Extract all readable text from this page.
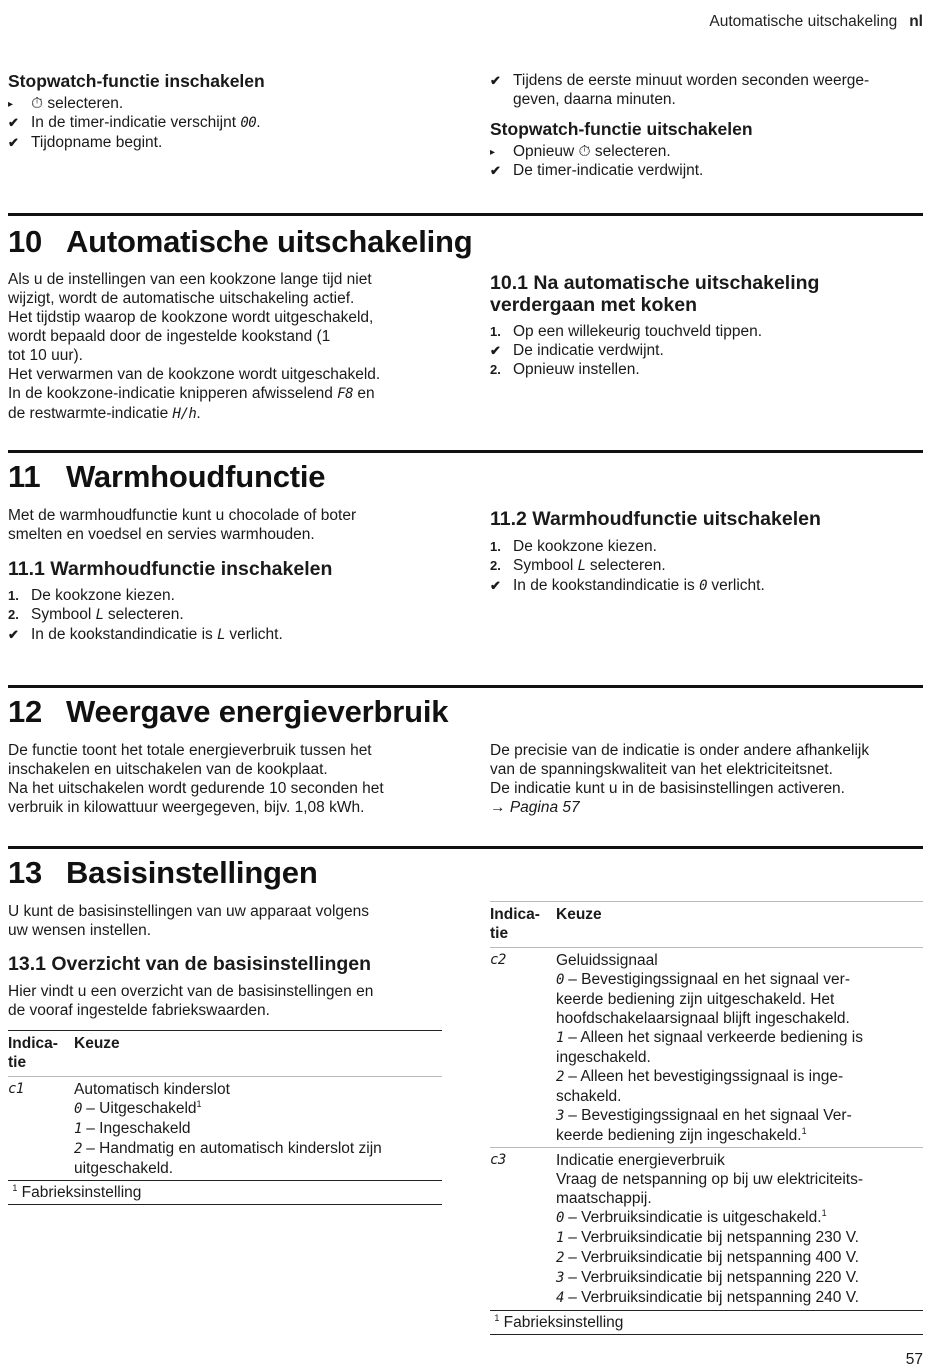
Automatische uitschakeling nl
Stopwatch-functie inschakelen
▸	⏱ selecteren.
✔ In de timer-indicatie verschijnt 00.
✔ Tijdopname begint.
✔ Tijdens de eerste minuut worden seconden weerge-
geven, daarna minuten.
Stopwatch-functie uitschakelen
▸	Opnieuw ⏱ selecteren.
✔ De timer-indicatie verdwijnt.
10 Automatische uitschakeling
Als u de instellingen van een kookzone lange tijd niet
wijzigt, wordt de automatische uitschakeling actief.
Het tijdstip waarop de kookzone wordt uitgeschakeld,
wordt bepaald door de ingestelde kookstand (1
tot 10 uur).
Het verwarmen van de kookzone wordt uitgeschakeld.
In de kookzone-indicatie knipperen afwisselend F8 en
de restwarmte-indicatie H/h.
10.1 Na automatische uitschakeling
verdergaan met koken
1. Op een willekeurig touchveld tippen.
✔ De indicatie verdwijnt.
2. Opnieuw instellen.
11 Warmhoudfunctie
Met de warmhoudfunctie kunt u chocolade of boter
smelten en voedsel en servies warmhouden.
11.1 Warmhoudfunctie inschakelen
1. De kookzone kiezen.
2. Symbool L selecteren.
✔ In de kookstandindicatie is L verlicht.
11.2 Warmhoudfunctie uitschakelen
1. De kookzone kiezen.
2. Symbool L selecteren.
✔ In de kookstandindicatie is 0 verlicht.
12 Weergave energieverbruik
De functie toont het totale energieverbruik tussen het
inschakelen en uitschakelen van de kookplaat.
Na het uitschakelen wordt gedurende 10 seconden het
verbruik in kilowattuur weergegeven, bijv. 1,08 kWh.
De precisie van de indicatie is onder andere afhankelijk
van de spanningskwaliteit van het elektriciteitsnet.
De indicatie kunt u in de basisinstellingen activeren.
→ Pagina 57
13 Basisinstellingen
U kunt de basisinstellingen van uw apparaat volgens
uw wensen instellen.
13.1 Overzicht van de basisinstellingen
Hier vindt u een overzicht van de basisinstellingen en
de vooraf ingestelde fabriekswaarden.
Indica-
tie
Keuze
c1	Automatisch kinderslot
0 – Uitgeschakeld$^1$
1 – Ingeschakeld
2 – Handmatig en automatisch kinderslot zijn
uitgeschakeld.
$^1$ Fabrieksinstelling
Indica-
tie
Keuze
c2	Geluidssignaal
0 – Bevestigingssignaal en het signaal ver-
keerde bediening zijn uitgeschakeld. Het
hoofdschakelaarsignaal blijft ingeschakeld.
1 – Alleen het signaal verkeerde bediening is
ingeschakeld.
2 – Alleen het bevestigingssignaal is inge-
schakeld.
3 – Bevestigingssignaal en het signaal Ver-
keerde bediening zijn ingeschakeld.$^1$
c3	Indicatie energieverbruik
Vraag de netspanning op bij uw elektriciteits-
maatschappij.
0 – Verbruiksindicatie is uitgeschakeld.$^1$
1 – Verbruiksindicatie bij netspanning 230 V.
2 – Verbruiksindicatie bij netspanning 400 V.
3 – Verbruiksindicatie bij netspanning 220 V.
4 – Verbruiksindicatie bij netspanning 240 V.
$^1$ Fabrieksinstelling
57
